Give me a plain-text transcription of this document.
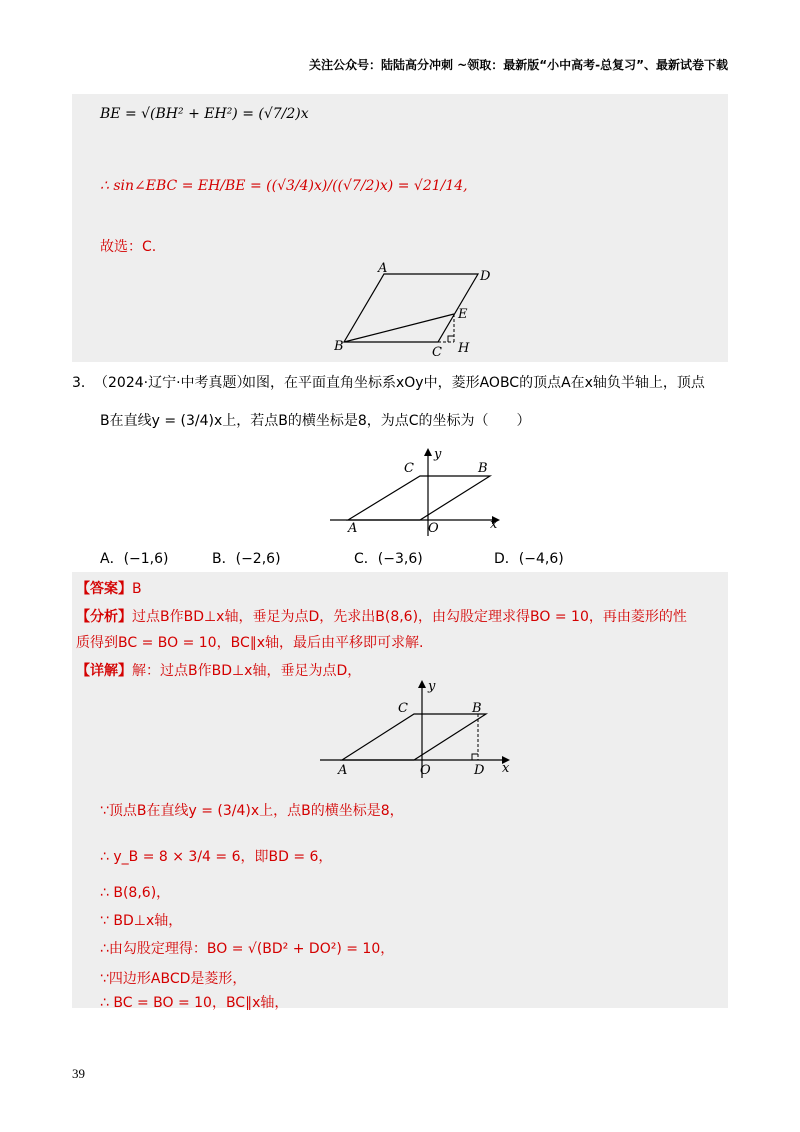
关注公众号：陆陆高分冲刺 ~领取：最新版“小中高考-总复习”、最新试卷下载
BE = √(BH² + EH²) = (√7/2)x
∴ sin∠EBC = EH/BE = ((√3/4)x)/((√7/2)x) = √21/14,
故选：C.
A
D
B	C
E
H
3． （2024·辽宁·中考真题）
如图，在平面直角坐标系xOy中，菱形AOBC的顶点A在x轴负半轴上，顶点
B在直线y = (3/4)x上，若点B的横坐标是8，为点C的坐标为（　　）
y
C	B
A	O	x
A．(−1,6)	B．(−2,6)	C．(−3,6)	D．(−4,6)
【答案】B
【分析】过点B作BD⊥x轴，垂足为点D，先求出B(8,6)，由勾股定理求得BO = 10，再由菱形的性
质得到BC = BO = 10，BC∥x轴，最后由平移即可求解.
【详解】解：过点B作BD⊥x轴，垂足为点D，
y
C	B
A	O	D x
∵顶点B在直线y = (3/4)x上，点B的横坐标是8，
∴ y_B = 8 × 3/4 = 6，即BD = 6，
∴ B(8,6)，
∵ BD⊥x轴，
∴由勾股定理得：BO = √(BD² + DO²) = 10，
∵四边形ABCD是菱形，
∴ BC = BO = 10，BC∥x轴，
39
